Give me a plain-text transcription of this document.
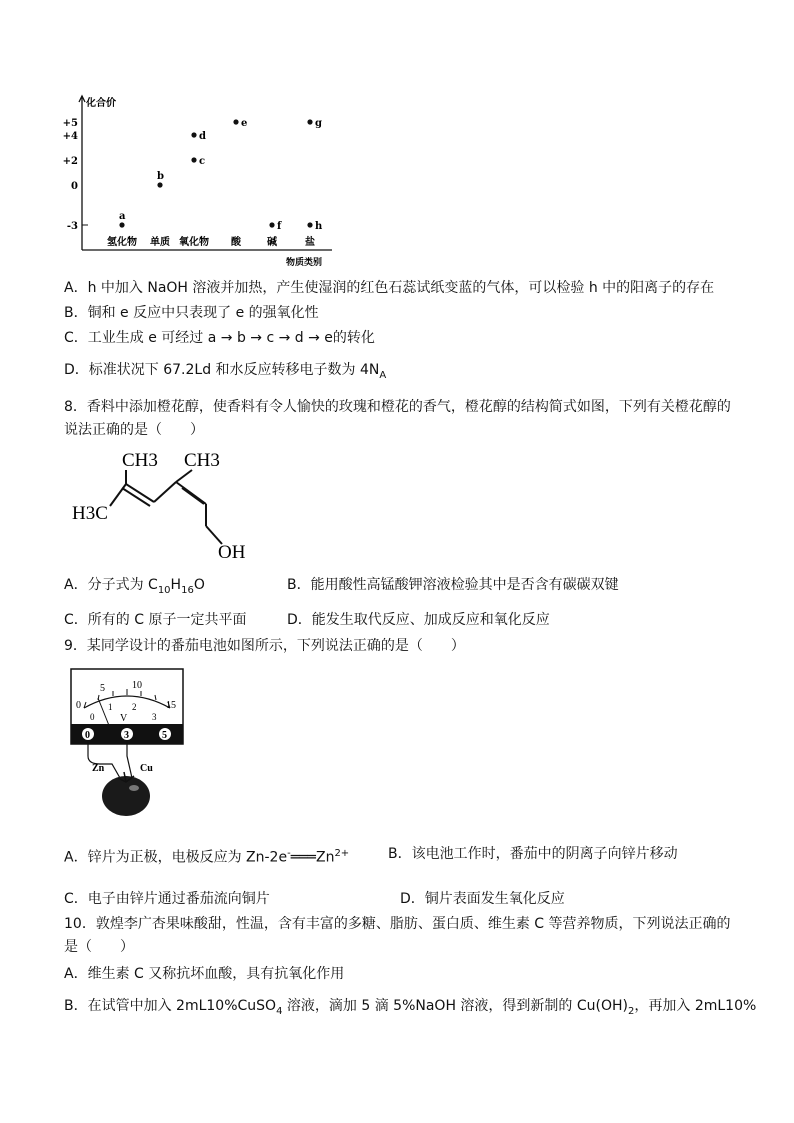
化合价
物质类别
+5
+4
+2
0
-3
氢化物 单质 氧化物 酸	碱	盐
a
b
c
d
e
f
g
h
A．h 中加入 NaOH 溶液并加热，产生使湿润的红色石蕊试纸变蓝的气体，可以检验 h 中的阳离子的存在
B．铜和 e 反应中只表现了 e 的强氧化性
C．工业生成 e 可经过 a → b → c → d → e的转化
D．标准状况下 67.2Ld 和水反应转移电子数为 $4N_A$
8．香料中添加橙花醇，使香料有令人愉快的玫瑰和橙花的香气，橙花醇的结构简式如图，下列有关橙花醇的
说法正确的是（　　）
CH3 CH3
H3C
OH
A．分子式为 $C_{10}H_{16}O$	B．能用酸性高锰酸钾溶液检验其中是否含有碳碳双键
C．所有的 C 原子一定共平面	D．能发生取代反应、加成反应和氧化反应
9．某同学设计的番茄电池如图所示，下列说法正确的是（　　）
0
5	10
15
0
1 2
3
V
0	3	5
Zn	Cu
A．锌片为正极，电极反应为 $Zn-2e^-═══Zn^{2+}$	B．该电池工作时，番茄中的阴离子向锌片移动
C．电子由锌片通过番茄流向铜片	D．铜片表面发生氧化反应
10．敦煌李广杏果味酸甜，性温，含有丰富的多糖、脂肪、蛋白质、维生素 C 等营养物质，下列说法正确的
是（　　）
A．维生素 C 又称抗坏血酸，具有抗氧化作用
B．在试管中加入 2mL10%CuSO$_4$ 溶液，滴加 5 滴 5%NaOH 溶液，得到新制的 $Cu(OH)_2$，再加入 2mL10%
